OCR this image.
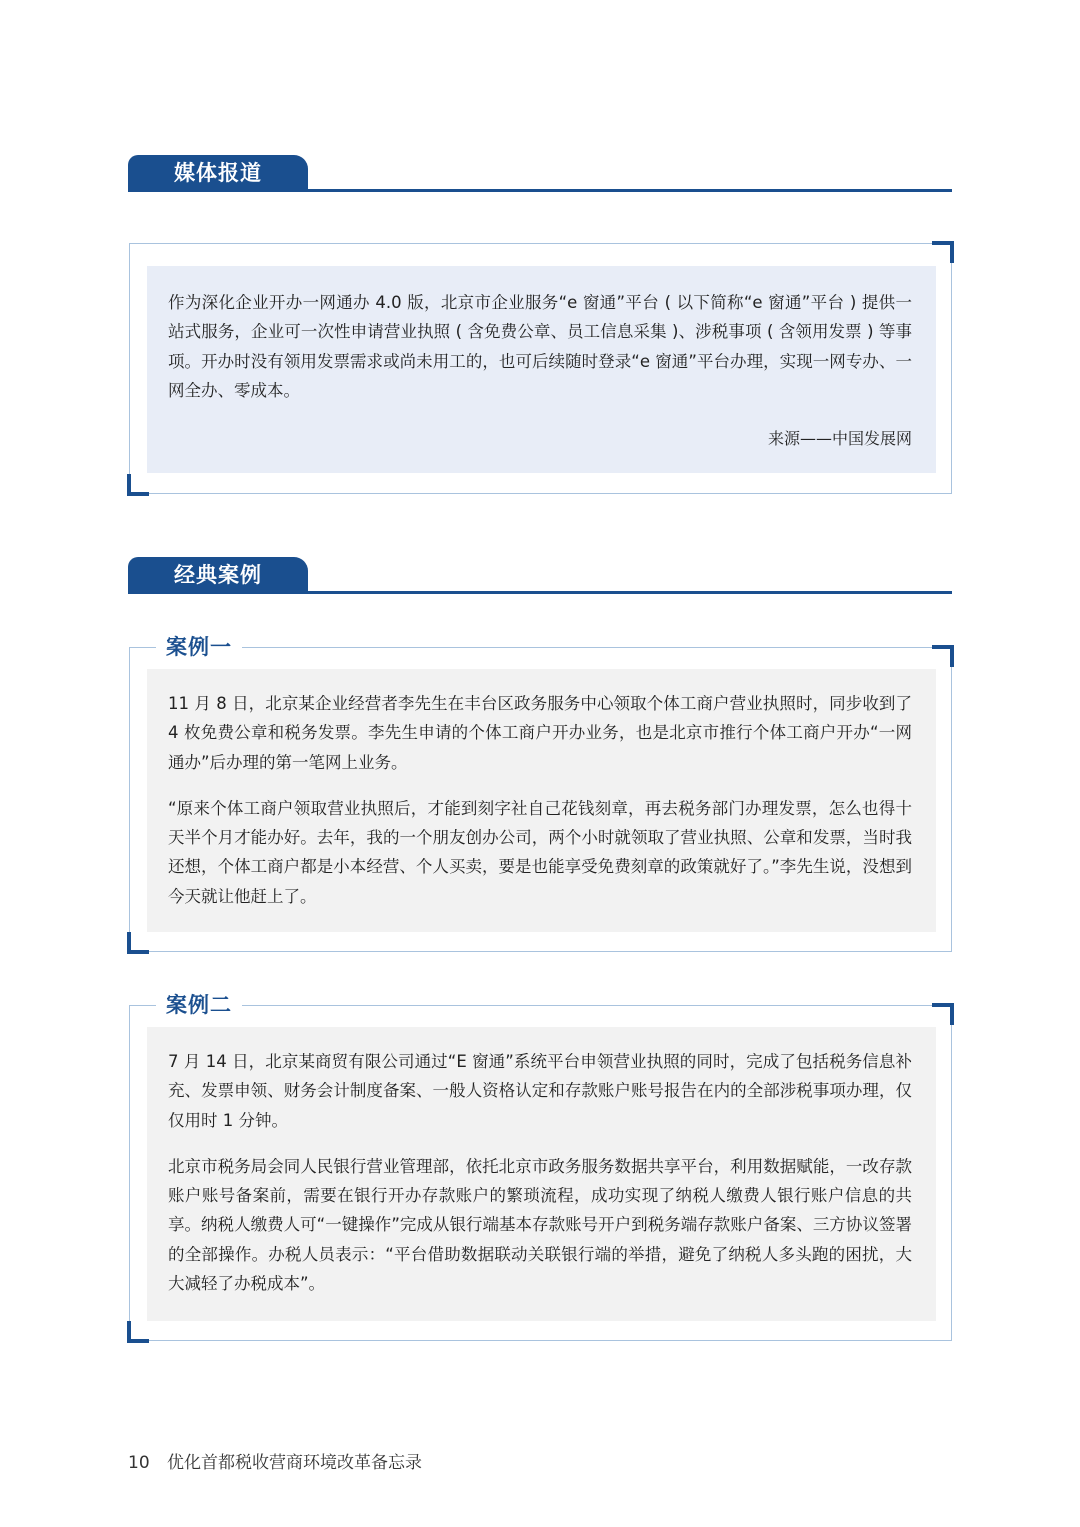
媒体报道

作为深化企业开办一网通办 4.0 版，北京市企业服务“e 窗通”平台 ( 以下简称“e 窗通”平台 ) 提供一站式服务，企业可一次性申请营业执照 ( 含免费公章、员工信息采集 )、涉税事项 ( 含领用发票 ) 等事项。开办时没有领用发票需求或尚未用工的，也可后续随时登录“e 窗通”平台办理，实现一网专办、一网全办、零成本。

来源——中国发展网
经典案例
案例一

11 月 8 日，北京某企业经营者李先生在丰台区政务服务中心领取个体工商户营业执照时，同步收到了 4 枚免费公章和税务发票。李先生申请的个体工商户开办业务，也是北京市推行个体工商户开办“一网通办”后办理的第一笔网上业务。

“原来个体工商户领取营业执照后，才能到刻字社自己花钱刻章，再去税务部门办理发票，怎么也得十天半个月才能办好。去年，我的一个朋友创办公司，两个小时就领取了营业执照、公章和发票，当时我还想，个体工商户都是小本经营、个人买卖，要是也能享受免费刻章的政策就好了。”李先生说，没想到今天就让他赶上了。

案例二

7 月 14 日，北京某商贸有限公司通过“E 窗通”系统平台申领营业执照的同时，完成了包括税务信息补充、发票申领、财务会计制度备案、一般人资格认定和存款账户账号报告在内的全部涉税事项办理，仅仅用时 1 分钟。

北京市税务局会同人民银行营业管理部，依托北京市政务服务数据共享平台，利用数据赋能，一改存款账户账号备案前，需要在银行开办存款账户的繁琐流程，成功实现了纳税人缴费人银行账户信息的共享。纳税人缴费人可“一键操作”完成从银行端基本存款账号开户到税务端存款账户备案、三方协议签署的全部操作。办税人员表示：“平台借助数据联动关联银行端的举措，避免了纳税人多头跑的困扰，大大减轻了办税成本”。

10 优化首都税收营商环境改革备忘录
